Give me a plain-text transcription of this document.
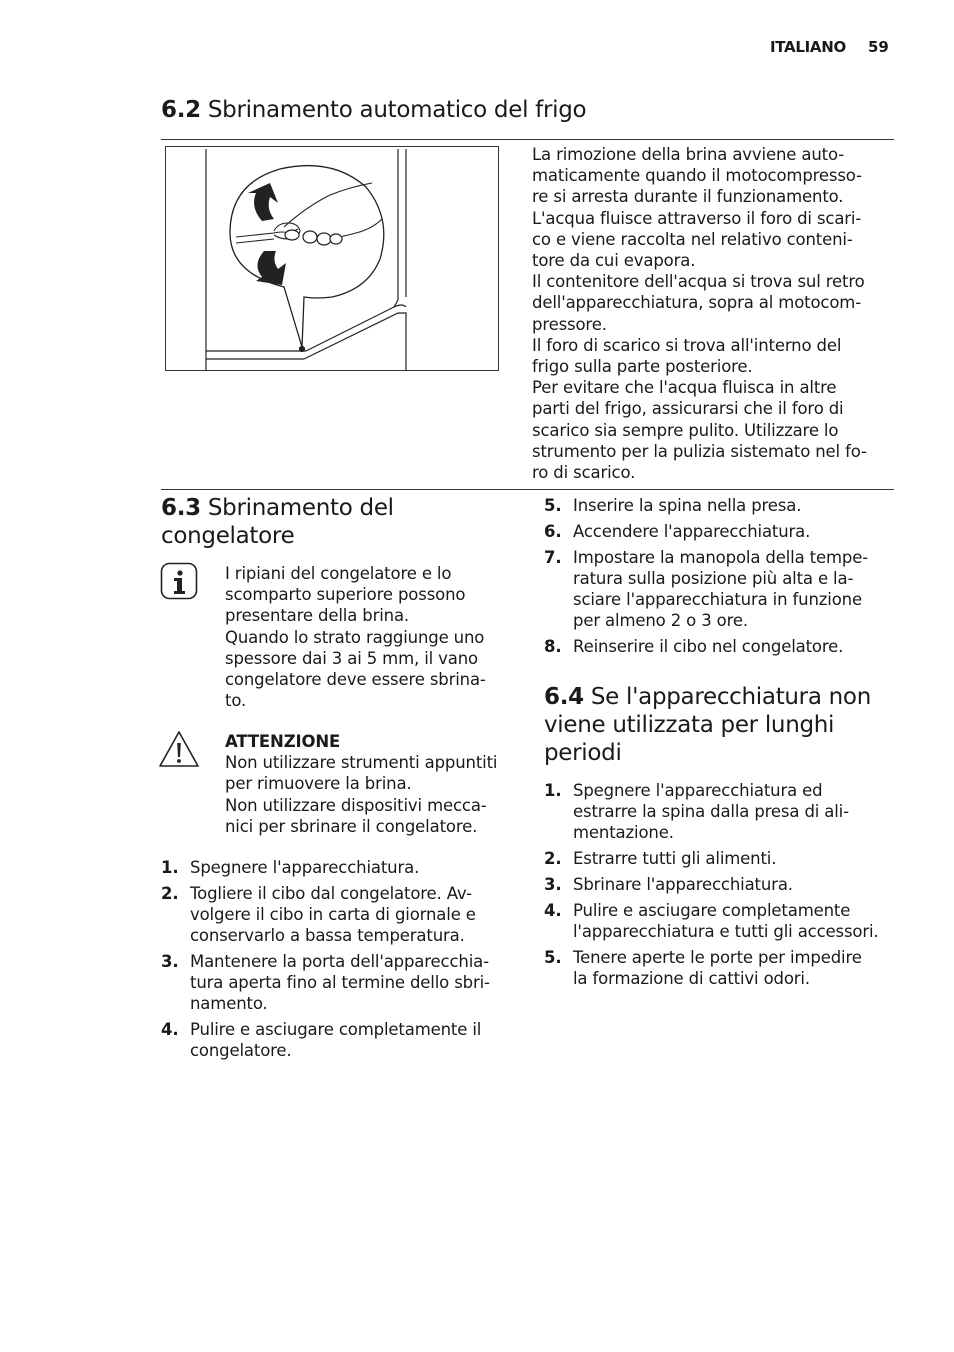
ITALIANO 59
6.2 Sbrinamento automatico del frigo

La rimozione della brina avviene auto-

maticamente quando il motocompresso-

re si arresta durante il funzionamento.

L'acqua fluisce attraverso il foro di scari-

co e viene raccolta nel relativo conteni-

tore da cui evapora.

Il contenitore dell'acqua si trova sul retro

dell'apparecchiatura, sopra al motocom-

pressore.

Il foro di scarico si trova all'interno del

frigo sulla parte posteriore.

Per evitare che l'acqua fluisca in altre

parti del frigo, assicurarsi che il foro di

scarico sia sempre pulito. Utilizzare lo

strumento per la pulizia sistemato nel fo-

ro di scarico.

6.3 Sbrinamento del
congelatore

I ripiani del congelatore e lo

scomparto superiore possono

presentare della brina.

Quando lo strato raggiunge uno

spessore dai 3 ai 5 mm, il vano

congelatore deve essere sbrina-

to.

ATTENZIONE

Non utilizzare strumenti appuntiti

per rimuovere la brina.

Non utilizzare dispositivi mecca-

nici per sbrinare il congelatore.

1. Spegnere l'apparecchiatura.
2. Togliere il cibo dal congelatore. Av-
volgere il cibo in carta di giornale e
conservarlo a bassa temperatura.
3. Mantenere la porta dell'apparecchia-
tura aperta fino al termine dello sbri-
namento.
4. Pulire e asciugare completamente il
congelatore.
5. Inserire la spina nella presa.
6. Accendere l'apparecchiatura.
7. Impostare la manopola della tempe-
ratura sulla posizione più alta e la-
sciare l'apparecchiatura in funzione
per almeno 2 o 3 ore.
8. Reinserire il cibo nel congelatore.
6.4 Se l'apparecchiatura non
viene utilizzata per lunghi
periodi
1. Spegnere l'apparecchiatura ed
estrarre la spina dalla presa di ali-
mentazione.
2. Estrarre tutti gli alimenti.
3. Sbrinare l'apparecchiatura.
4. Pulire e asciugare completamente
l'apparecchiatura e tutti gli accessori.
5. Tenere aperte le porte per impedire
la formazione di cattivi odori.
